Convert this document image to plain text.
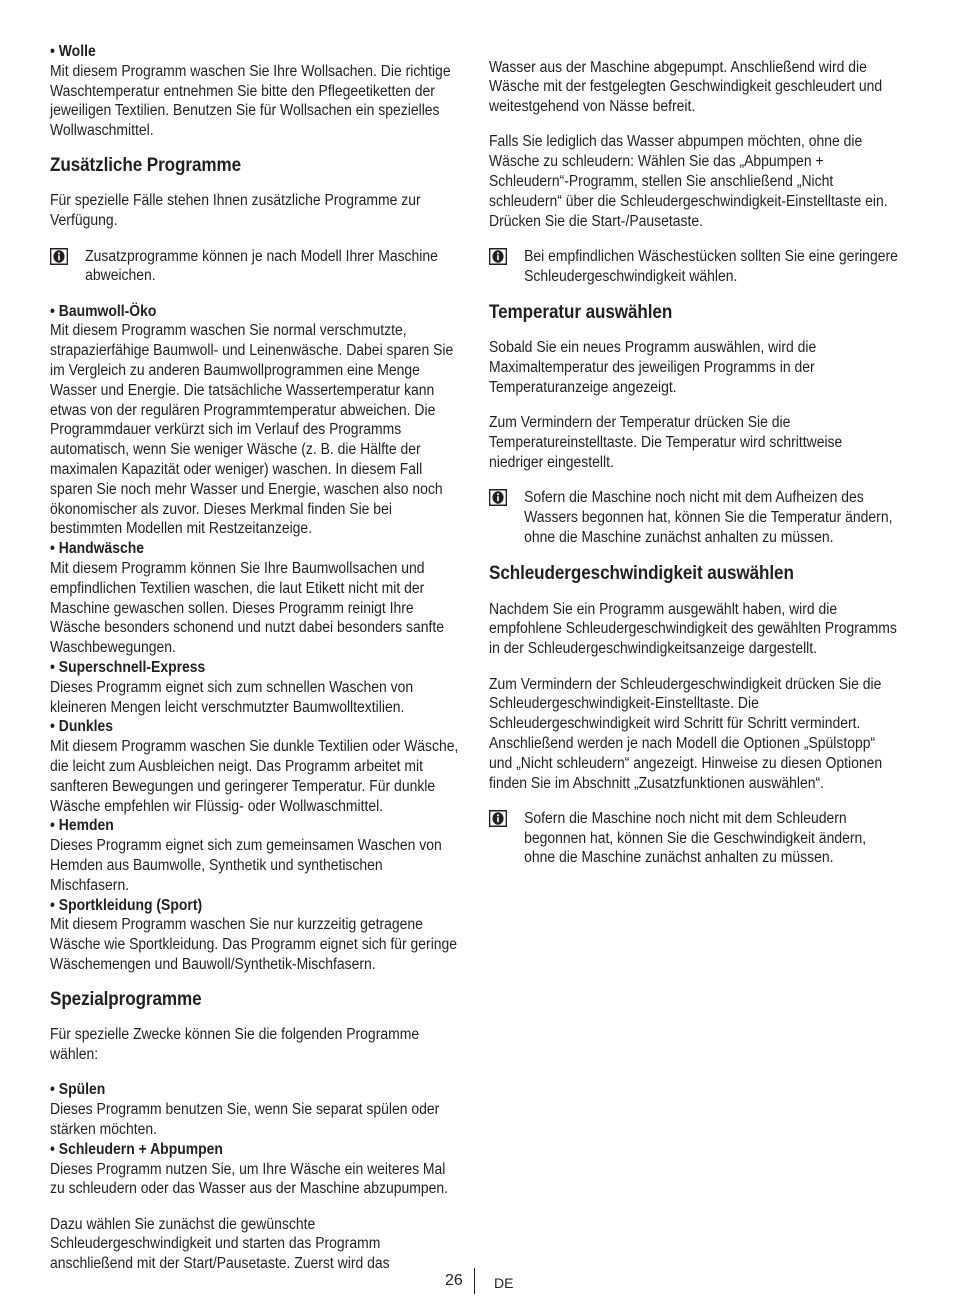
• Wolle

Mit diesem Programm waschen Sie Ihre Wollsachen. Die richtige Waschtemperatur entnehmen Sie bitte den Pflegeetiketten der jeweiligen Textilien. Benutzen Sie für Wollsachen ein spezielles Wollwaschmittel.

Zusätzliche Programme

Für spezielle Fälle stehen Ihnen zusätzliche Programme zur Verfügung.

Zusatzprogramme können je nach Modell Ihrer Maschine abweichen.

• Baumwoll-Öko

Mit diesem Programm waschen Sie normal verschmutzte, strapazierfähige Baumwoll- und Leinenwäsche. Dabei sparen Sie im Vergleich zu anderen Baumwollprogrammen eine Menge Wasser und Energie. Die tatsächliche Wassertemperatur kann etwas von der regulären Programmtemperatur abweichen. Die Programmdauer verkürzt sich im Verlauf des Programms automatisch, wenn Sie weniger Wäsche (z. B. die Hälfte der maximalen Kapazität oder weniger) waschen. In diesem Fall sparen Sie noch mehr Wasser und Energie, waschen also noch ökonomischer als zuvor. Dieses Merkmal finden Sie bei bestimmten Modellen mit Restzeitanzeige.

• Handwäsche

Mit diesem Programm können Sie Ihre Baumwollsachen und empfindlichen Textilien waschen, die laut Etikett nicht mit der Maschine gewaschen sollen. Dieses Programm reinigt Ihre Wäsche besonders schonend und nutzt dabei besonders sanfte Waschbewegungen.

• Superschnell-Express

Dieses Programm eignet sich zum schnellen Waschen von kleineren Mengen leicht verschmutzter Baumwolltextilien.

• Dunkles

Mit diesem Programm waschen Sie dunkle Textilien oder Wäsche, die leicht zum Ausbleichen neigt. Das Programm arbeitet mit sanfteren Bewegungen und geringerer Temperatur. Für dunkle Wäsche empfehlen wir Flüssig- oder Wollwaschmittel.

• Hemden

Dieses Programm eignet sich zum gemeinsamen Waschen von Hemden aus Baumwolle, Synthetik und synthetischen Mischfasern.

• Sportkleidung (Sport)

Mit diesem Programm waschen Sie nur kurzzeitig getragene Wäsche wie Sportkleidung. Das Programm eignet sich für geringe Wäschemengen und Bauwoll/Synthetik-Mischfasern.

Spezialprogramme

Für spezielle Zwecke können Sie die folgenden Programme wählen:

• Spülen

Dieses Programm benutzen Sie, wenn Sie separat spülen oder stärken möchten.

• Schleudern + Abpumpen

Dieses Programm nutzen Sie, um Ihre Wäsche ein weiteres Mal zu schleudern oder das Wasser aus der Maschine abzupumpen.

Dazu wählen Sie zunächst die gewünschte Schleudergeschwindigkeit und starten das Programm anschließend mit der Start/Pausetaste. Zuerst wird das

Wasser aus der Maschine abgepumpt. Anschließend wird die Wäsche mit der festgelegten Geschwindigkeit geschleudert und weitestgehend von Nässe befreit.

Falls Sie lediglich das Wasser abpumpen möchten, ohne die Wäsche zu schleudern: Wählen Sie das „Abpumpen + Schleudern“-Programm, stellen Sie anschließend „Nicht schleudern“ über die Schleudergeschwindigkeit-Einstelltaste ein. Drücken Sie die Start-/Pausetaste.

Bei empfindlichen Wäschestücken sollten Sie eine geringere Schleudergeschwindigkeit wählen.

Temperatur auswählen

Sobald Sie ein neues Programm auswählen, wird die Maximaltemperatur des jeweiligen Programms in der Temperaturanzeige angezeigt.

Zum Vermindern der Temperatur drücken Sie die Temperatureinstelltaste. Die Temperatur wird schrittweise niedriger eingestellt.

Sofern die Maschine noch nicht mit dem Aufheizen des Wassers begonnen hat, können Sie die Temperatur ändern, ohne die Maschine zunächst anhalten zu müssen.

Schleudergeschwindigkeit auswählen

Nachdem Sie ein Programm ausgewählt haben, wird die empfohlene Schleudergeschwindigkeit des gewählten Programms in der Schleudergeschwindigkeitsanzeige dargestellt.

Zum Vermindern der Schleudergeschwindigkeit drücken Sie die Schleudergeschwindigkeit-Einstelltaste. Die Schleudergeschwindigkeit wird Schritt für Schritt vermindert. Anschließend werden je nach Modell die Optionen „Spülstopp“ und „Nicht schleudern“ angezeigt. Hinweise zu diesen Optionen finden Sie im Abschnitt „Zusatzfunktionen auswählen“.

Sofern die Maschine noch nicht mit dem Schleudern begonnen hat, können Sie die Geschwindigkeit ändern, ohne die Maschine zunächst anhalten zu müssen.

26 DE
